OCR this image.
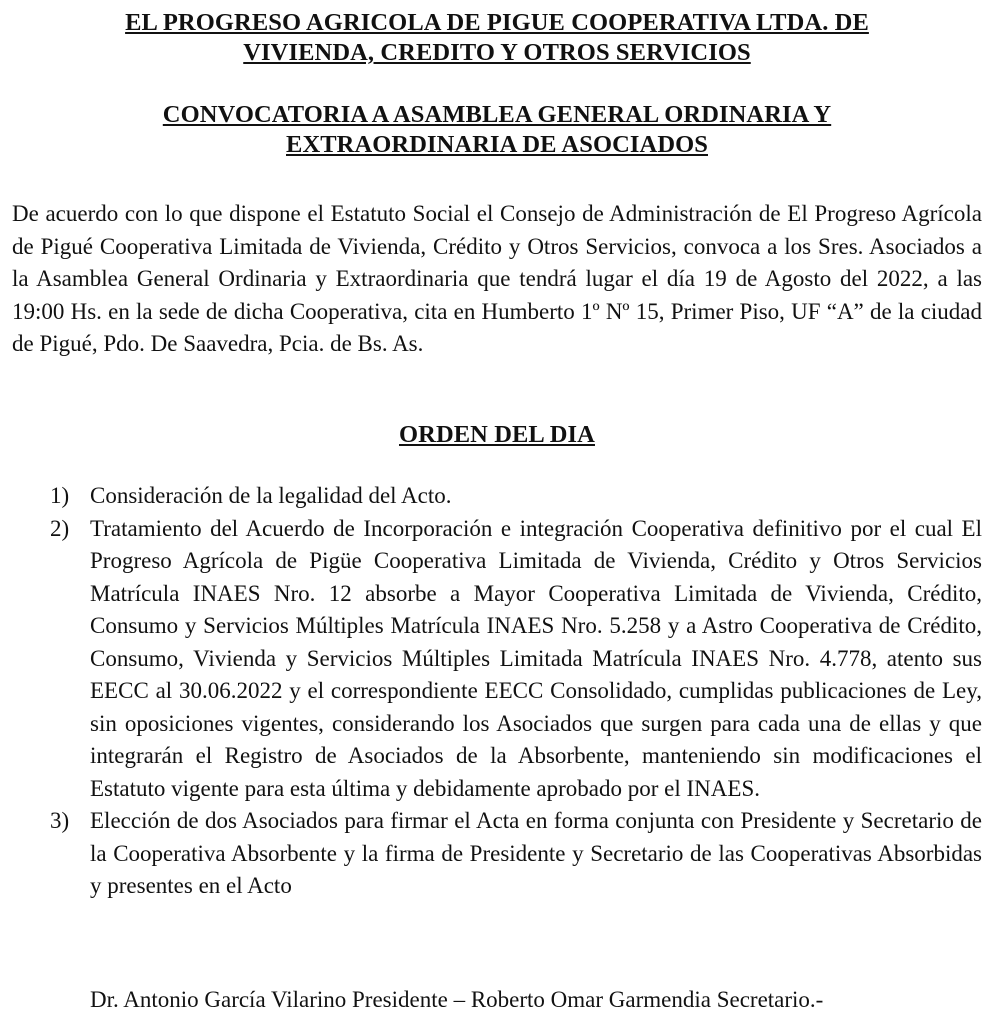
EL PROGRESO AGRICOLA DE PIGUE COOPERATIVA LTDA. DE
VIVIENDA, CREDITO Y OTROS SERVICIOS
CONVOCATORIA A ASAMBLEA GENERAL ORDINARIA Y
EXTRAORDINARIA DE ASOCIADOS

De acuerdo con lo que dispone el Estatuto Social el Consejo de Administración de El Progreso Agrícola de Pigué Cooperativa Limitada de Vivienda, Crédito y Otros Servicios, convoca a los Sres. Asociados a la Asamblea General Ordinaria y Extraordinaria que tendrá lugar el día 19 de Agosto del 2022, a las 19:00 Hs. en la sede de dicha Cooperativa, cita en Humberto 1º Nº 15, Primer Piso, UF “A” de la ciudad de Pigué, Pdo. De Saavedra, Pcia. de Bs. As.

ORDEN DEL DIA
1) Consideración de la legalidad del Acto.
2) Tratamiento del Acuerdo de Incorporación e integración Cooperativa definitivo por el cual El Progreso Agrícola de Pigüe Cooperativa Limitada de Vivienda, Crédito y Otros Servicios Matrícula INAES Nro. 12 absorbe a Mayor Cooperativa Limitada de Vivienda, Crédito, Consumo y Servicios Múltiples Matrícula INAES Nro. 5.258 y a Astro Cooperativa de Crédito, Consumo, Vivienda y Servicios Múltiples Limitada Matrícula INAES Nro. 4.778, atento sus EECC al 30.06.2022 y el correspondiente EECC Consolidado, cumplidas publicaciones de Ley, sin oposiciones vigentes, considerando los Asociados que surgen para cada una de ellas y que integrarán el Registro de Asociados de la Absorbente, manteniendo sin modificaciones el Estatuto vigente para esta última y debidamente aprobado por el INAES.
3) Elección de dos Asociados para firmar el Acta en forma conjunta con Presidente y Secretario de la Cooperativa Absorbente y la firma de Presidente y Secretario de las Cooperativas Absorbidas y presentes en el Acto

Dr. Antonio García Vilarino Presidente – Roberto Omar Garmendia Secretario.-
